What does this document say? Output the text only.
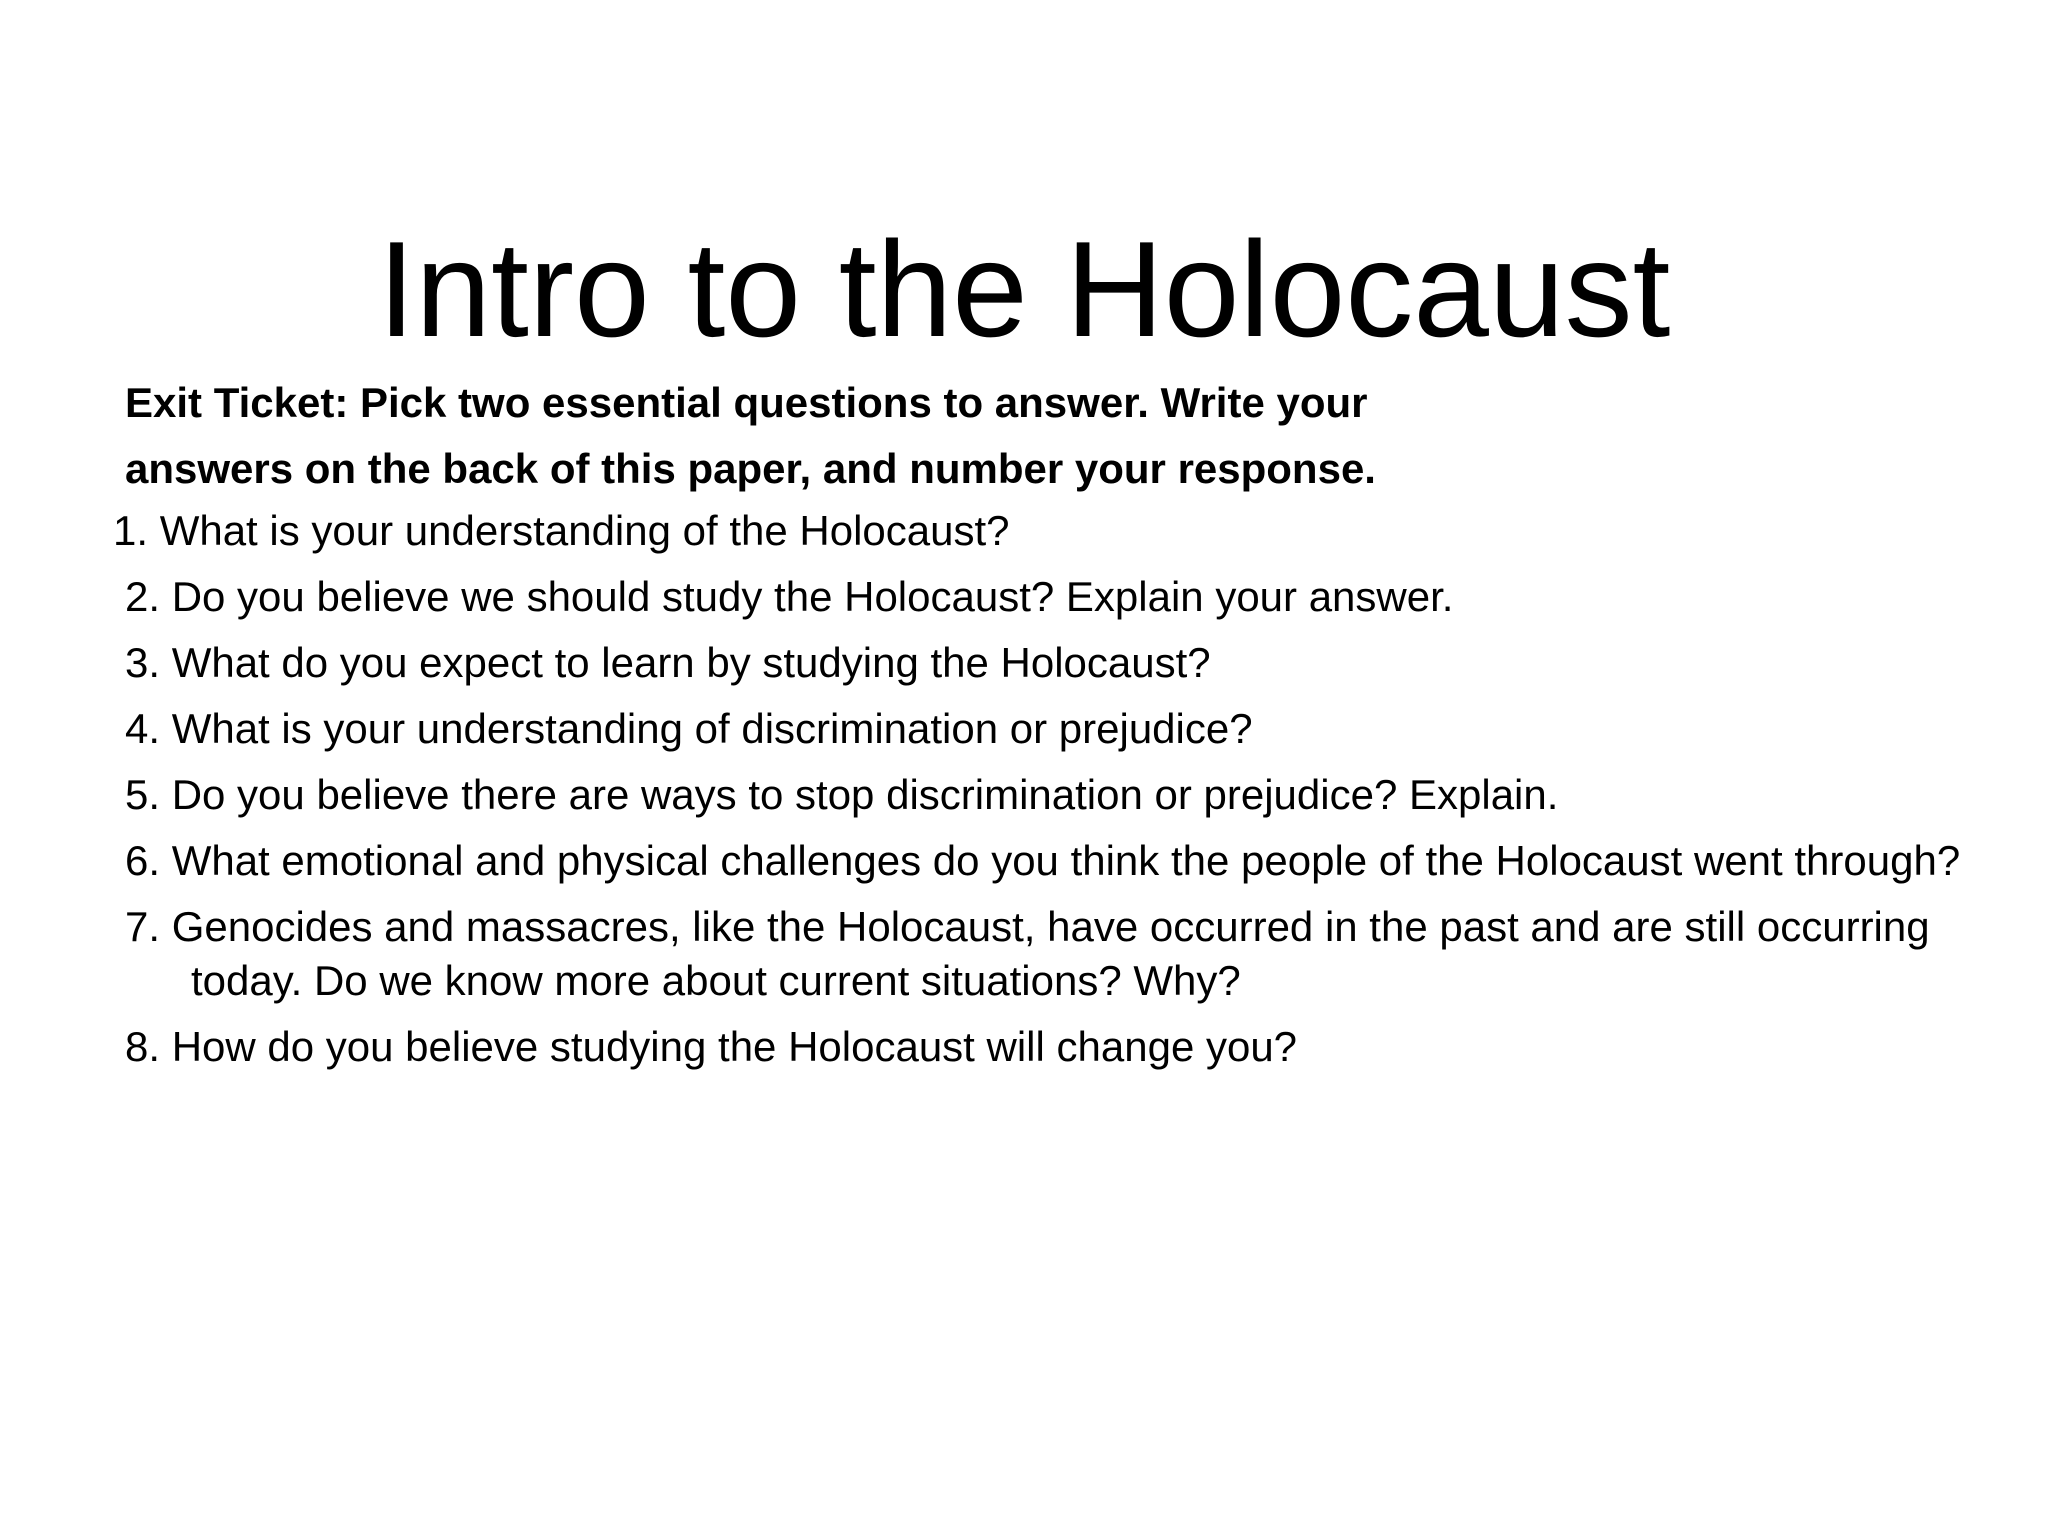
Intro to the Holocaust

Exit Ticket: Pick two essential questions to answer. Write your

answers on the back of this paper, and number your response.

1. What is your understanding of the Holocaust?
2. Do you believe we should study the Holocaust? Explain your answer.
3. What do you expect to learn by studying the Holocaust?
4. What is your understanding of discrimination or prejudice?
5. Do you believe there are ways to stop discrimination or prejudice? Explain.
6. What emotional and physical challenges do you think the people of the Holocaust went through?
7. Genocides and massacres, like the Holocaust, have occurred in the past and are still occurring today. Do we know more about current situations? Why?
8. How do you believe studying the Holocaust will change you?
